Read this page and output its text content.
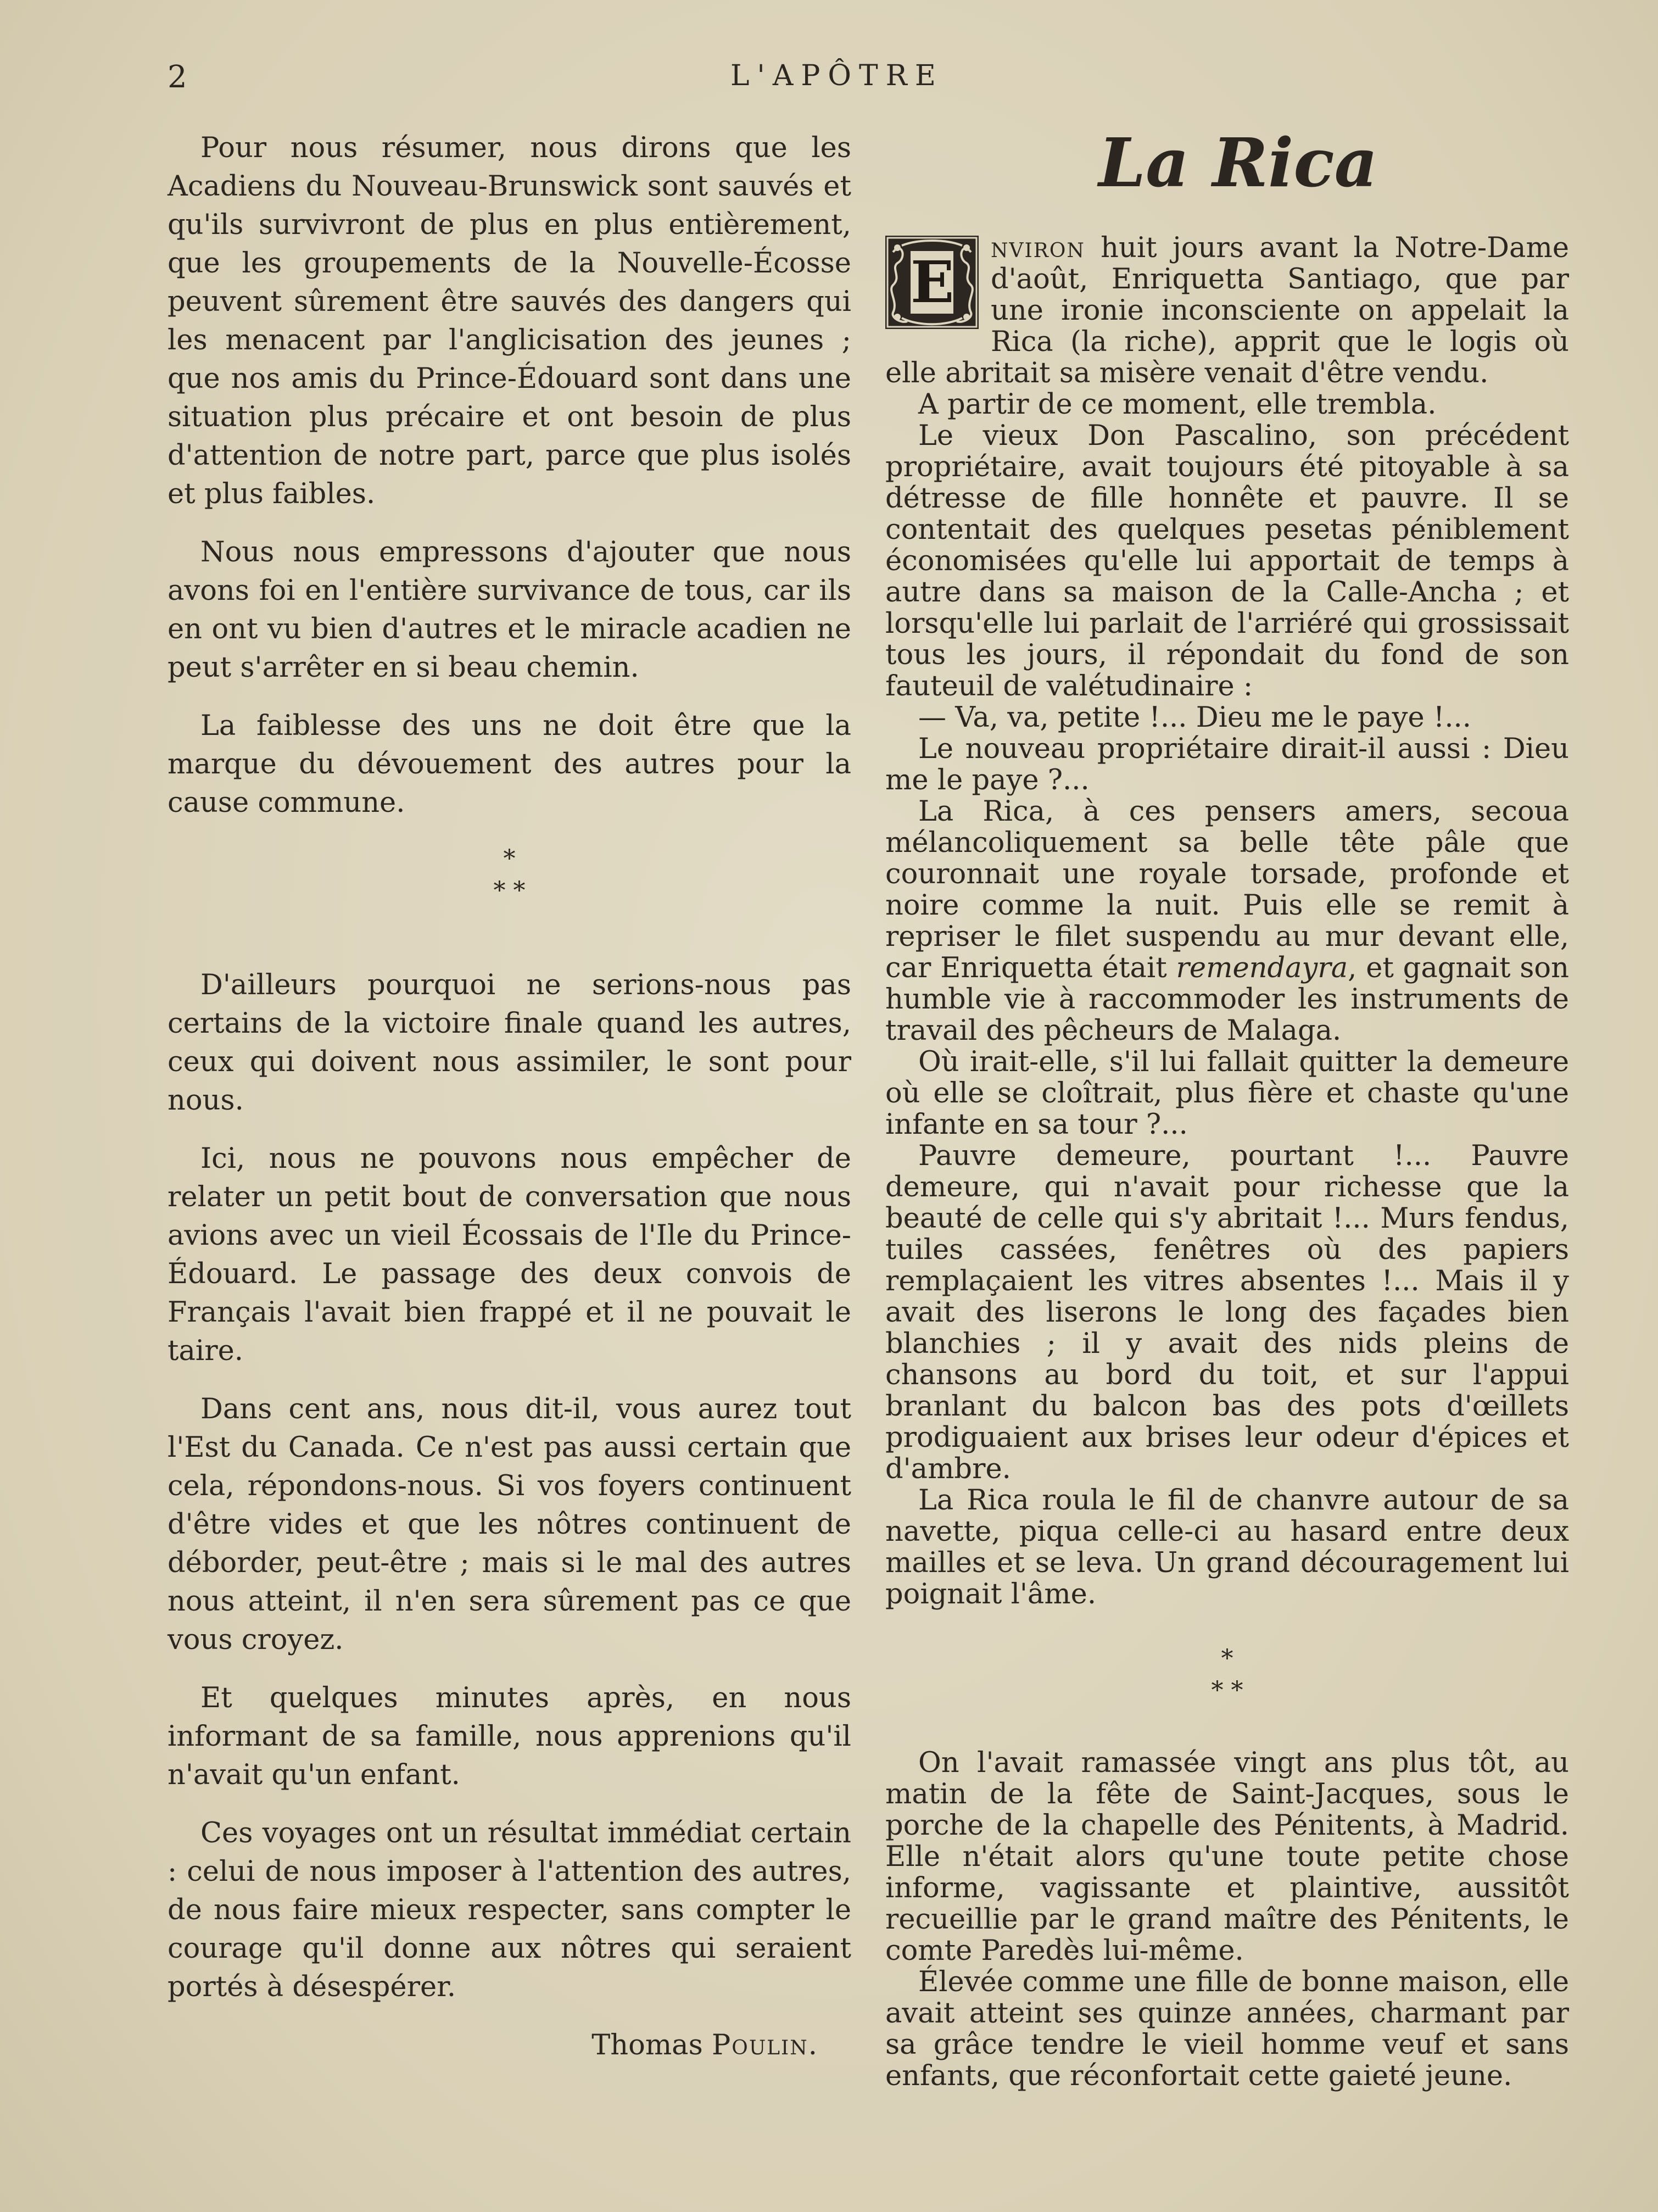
2	L'APÔTRE

Pour nous résumer, nous dirons que les Acadiens du Nouveau-Brunswick sont sauvés et qu'ils survivront de plus en plus entièrement, que les groupements de la Nouvelle-Écosse peuvent sûrement être sauvés des dangers qui les menacent par l'anglicisation des jeunes ; que nos amis du Prince-Édouard sont dans une situation plus précaire et ont besoin de plus d'attention de notre part, parce que plus isolés et plus faibles.

Nous nous empressons d'ajouter que nous avons foi en l'entière survivance de tous, car ils en ont vu bien d'autres et le miracle acadien ne peut s'arrêter en si beau chemin.

La faiblesse des uns ne doit être que la marque du dévouement des autres pour la cause commune.

*
* *

D'ailleurs pourquoi ne serions-nous pas certains de la victoire finale quand les autres, ceux qui doivent nous assimiler, le sont pour nous.

Ici, nous ne pouvons nous empêcher de relater un petit bout de conversation que nous avions avec un vieil Écossais de l'Ile du Prince-Édouard. Le passage des deux convois de Français l'avait bien frappé et il ne pouvait le taire.

Dans cent ans, nous dit-il, vous aurez tout l'Est du Canada. Ce n'est pas aussi certain que cela, répondons-nous. Si vos foyers continuent d'être vides et que les nôtres continuent de déborder, peut-être ; mais si le mal des autres nous atteint, il n'en sera sûrement pas ce que vous croyez.

Et quelques minutes après, en nous informant de sa famille, nous apprenions qu'il n'avait qu'un enfant.

Ces voyages ont un résultat immédiat certain : celui de nous imposer à l'attention des autres, de nous faire mieux respecter, sans compter le courage qu'il donne aux nôtres qui seraient portés à désespérer.

Thomas Poulin.
La Rica
E

nviron huit jours avant la Notre-Dame d'août, Enriquetta Santiago, que par une ironie inconsciente on appelait la Rica (la riche), apprit que le logis où elle abritait sa misère venait d'être vendu.

A partir de ce moment, elle trembla.

Le vieux Don Pascalino, son précédent propriétaire, avait toujours été pitoyable à sa détresse de fille honnête et pauvre. Il se contentait des quelques pesetas péniblement économisées qu'elle lui apportait de temps à autre dans sa maison de la Calle-Ancha ; et lorsqu'elle lui parlait de l'arriéré qui grossissait tous les jours, il répondait du fond de son fauteuil de valétudinaire :

— Va, va, petite !... Dieu me le paye !...

Le nouveau propriétaire dirait-il aussi : Dieu me le paye ?...

La Rica, à ces pensers amers, secoua mélancoliquement sa belle tête pâle que couronnait une royale torsade, profonde et noire comme la nuit. Puis elle se remit à repriser le filet suspendu au mur devant elle, car Enriquetta était remendayra, et gagnait son humble vie à raccommoder les instruments de travail des pêcheurs de Malaga.

Où irait-elle, s'il lui fallait quitter la demeure où elle se cloîtrait, plus fière et chaste qu'une infante en sa tour ?...

Pauvre demeure, pourtant !... Pauvre demeure, qui n'avait pour richesse que la beauté de celle qui s'y abritait !... Murs fendus, tuiles cassées, fenêtres où des papiers remplaçaient les vitres absentes !... Mais il y avait des liserons le long des façades bien blanchies ; il y avait des nids pleins de chansons au bord du toit, et sur l'appui branlant du balcon bas des pots d'œillets prodiguaient aux brises leur odeur d'épices et d'ambre.

La Rica roula le fil de chanvre autour de sa navette, piqua celle-ci au hasard entre deux mailles et se leva. Un grand découragement lui poignait l'âme.

*
* *

On l'avait ramassée vingt ans plus tôt, au matin de la fête de Saint-Jacques, sous le porche de la chapelle des Pénitents, à Madrid. Elle n'était alors qu'une toute petite chose informe, vagissante et plaintive, aussitôt recueillie par le grand maître des Pénitents, le comte Paredès lui-même.

Élevée comme une fille de bonne maison, elle avait atteint ses quinze années, charmant par sa grâce tendre le vieil homme veuf et sans enfants, que réconfortait cette gaieté jeune.
